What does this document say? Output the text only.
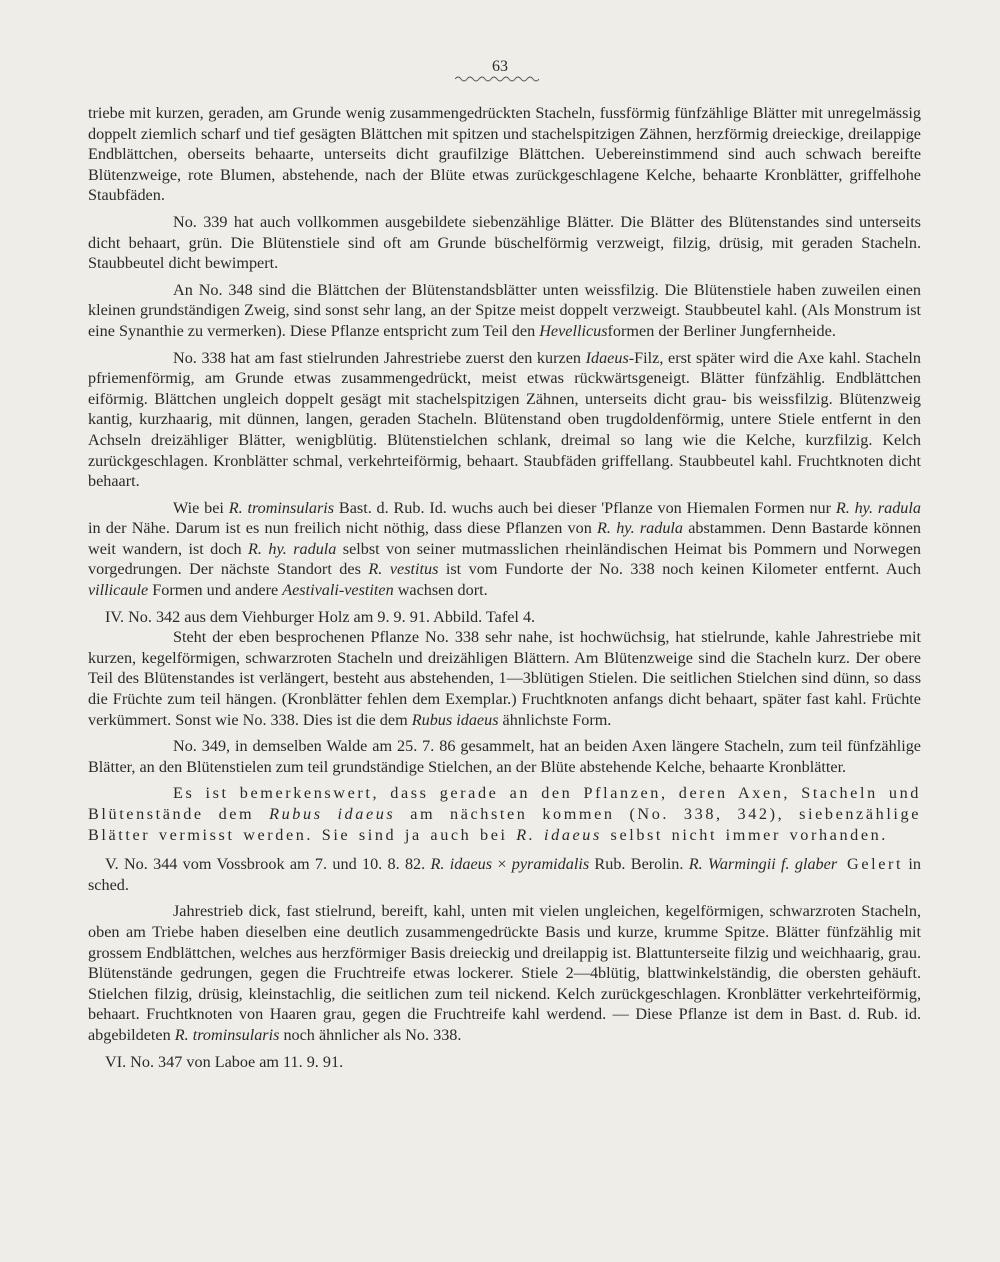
63

triebe mit kurzen, geraden, am Grunde wenig zusammengedrückten Stacheln, fussförmig fünfzählige Blätter mit unregelmässig doppelt ziemlich scharf und tief gesägten Blättchen mit spitzen und stachelspitzigen Zähnen, herzförmig dreieckige, dreilappige Endblättchen, oberseits behaarte, unterseits dicht graufilzige Blättchen. Uebereinstimmend sind auch schwach bereifte Blütenzweige, rote Blumen, abstehende, nach der Blüte etwas zurückgeschlagene Kelche, behaarte Kronblätter, griffelhohe Staubfäden.

No. 339 hat auch vollkommen ausgebildete siebenzählige Blätter. Die Blätter des Blütenstandes sind unterseits dicht behaart, grün. Die Blütenstiele sind oft am Grunde büschelförmig verzweigt, filzig, drüsig, mit geraden Stacheln. Staubbeutel dicht bewimpert.

An No. 348 sind die Blättchen der Blütenstandsblätter unten weissfilzig. Die Blütenstiele haben zuweilen einen kleinen grundständigen Zweig, sind sonst sehr lang, an der Spitze meist doppelt verzweigt. Staubbeutel kahl. (Als Monstrum ist eine Synanthie zu vermerken). Diese Pflanze entspricht zum Teil den Hevellicusformen der Berliner Jungfernheide.

No. 338 hat am fast stielrunden Jahrestriebe zuerst den kurzen Idaeus-Filz, erst später wird die Axe kahl. Stacheln pfriemenförmig, am Grunde etwas zusammengedrückt, meist etwas rückwärtsgeneigt. Blätter fünfzählig. Endblättchen eiförmig. Blättchen ungleich doppelt gesägt mit stachelspitzigen Zähnen, unterseits dicht grau- bis weissfilzig. Blütenzweig kantig, kurzhaarig, mit dünnen, langen, geraden Stacheln. Blütenstand oben trugdoldenförmig, untere Stiele entfernt in den Achseln dreizähliger Blätter, wenigblütig. Blütenstielchen schlank, dreimal so lang wie die Kelche, kurzfilzig. Kelch zurückgeschlagen. Kronblätter schmal, verkehrteiförmig, behaart. Staubfäden griffellang. Staubbeutel kahl. Fruchtknoten dicht behaart.

Wie bei R. trominsularis Bast. d. Rub. Id. wuchs auch bei dieser 'Pflanze von Hiemalen Formen nur R. hy. radula in der Nähe. Darum ist es nun freilich nicht nöthig, dass diese Pflanzen von R. hy. radula abstammen. Denn Bastarde können weit wandern, ist doch R. hy. radula selbst von seiner mutmasslichen rheinländischen Heimat bis Pommern und Norwegen vorgedrungen. Der nächste Standort des R. vestitus ist vom Fundorte der No. 338 noch keinen Kilometer entfernt. Auch villicaule Formen und andere Aestivali-vestiten wachsen dort.

IV. No. 342 aus dem Viehburger Holz am 9. 9. 91. Abbild. Tafel 4.

Steht der eben besprochenen Pflanze No. 338 sehr nahe, ist hochwüchsig, hat stielrunde, kahle Jahrestriebe mit kurzen, kegelförmigen, schwarzroten Stacheln und dreizähligen Blättern. Am Blütenzweige sind die Stacheln kurz. Der obere Teil des Blütenstandes ist verlängert, besteht aus abstehenden, 1—3blütigen Stielen. Die seitlichen Stielchen sind dünn, so dass die Früchte zum teil hängen. (Kronblätter fehlen dem Exemplar.) Fruchtknoten anfangs dicht behaart, später fast kahl. Früchte verkümmert. Sonst wie No. 338. Dies ist die dem Rubus idaeus ähnlichste Form.

No. 349, in demselben Walde am 25. 7. 86 gesammelt, hat an beiden Axen längere Stacheln, zum teil fünfzählige Blätter, an den Blütenstielen zum teil grundständige Stielchen, an der Blüte abstehende Kelche, behaarte Kronblätter.

Es ist bemerkenswert, dass gerade an den Pflanzen, deren Axen, Stacheln und Blütenstände dem Rubus idaeus am nächsten kommen (No. 338, 342), siebenzählige Blätter vermisst werden. Sie sind ja auch bei R. idaeus selbst nicht immer vorhanden.

V. No. 344 vom Vossbrook am 7. und 10. 8. 82. R. idaeus × pyramidalis Rub. Berolin. R. Warmingii f. glaber Gelert in sched.

Jahrestrieb dick, fast stielrund, bereift, kahl, unten mit vielen ungleichen, kegelförmigen, schwarzroten Stacheln, oben am Triebe haben dieselben eine deutlich zusammengedrückte Basis und kurze, krumme Spitze. Blätter fünfzählig mit grossem Endblättchen, welches aus herzförmiger Basis dreieckig und dreilappig ist. Blattunterseite filzig und weichhaarig, grau. Blütenstände gedrungen, gegen die Fruchtreife etwas lockerer. Stiele 2—4blütig, blattwinkelständig, die obersten gehäuft. Stielchen filzig, drüsig, kleinstachlig, die seitlichen zum teil nickend. Kelch zurückgeschlagen. Kronblätter verkehrteiförmig, behaart. Fruchtknoten von Haaren grau, gegen die Fruchtreife kahl werdend. — Diese Pflanze ist dem in Bast. d. Rub. id. abgebildeten R. trominsularis noch ähnlicher als No. 338.

VI. No. 347 von Laboe am 11. 9. 91.
